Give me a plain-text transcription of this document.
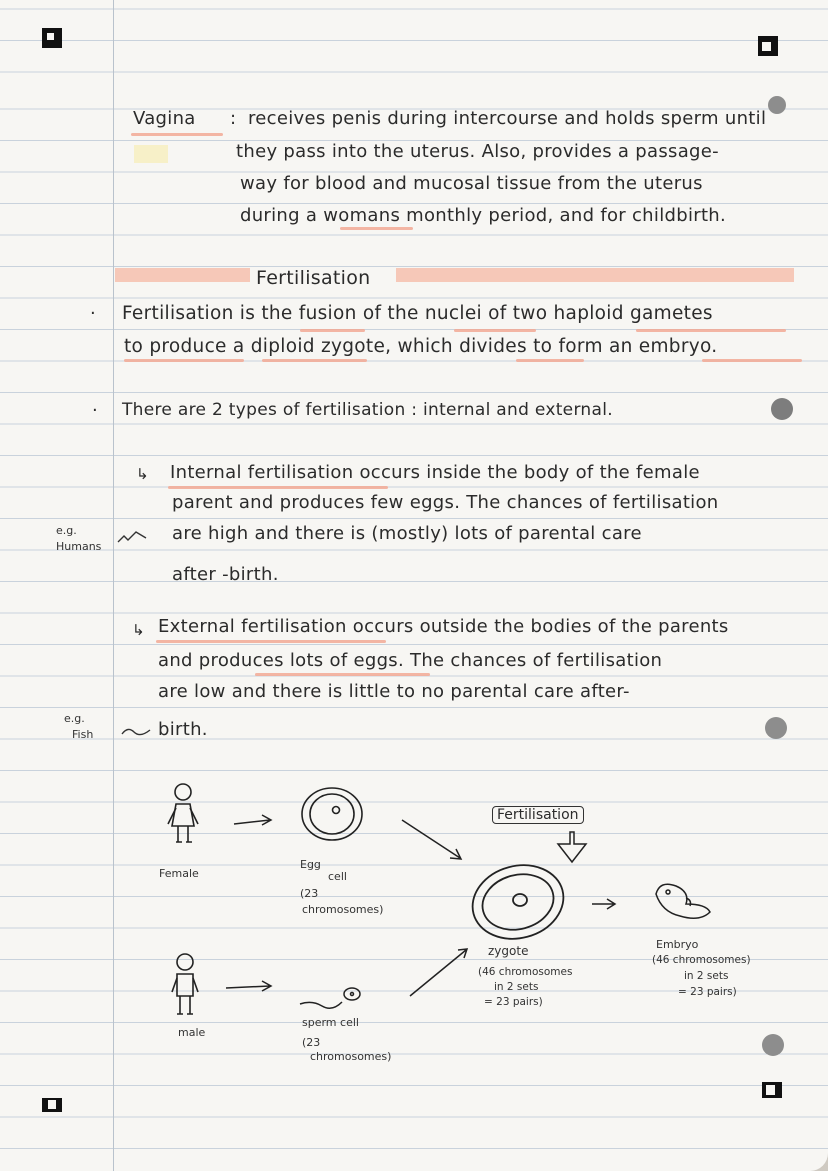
Vagina : receives penis during intercourse and holds sperm until
they pass into the uterus. Also, provides a passage-
way for blood and mucosal tissue from the uterus
during a womans monthly period, and for childbirth.
Fertilisation
· Fertilisation is the fusion of the nuclei of two haploid gametes
to produce a diploid zygote, which divides to form an embryo.
· There are 2 types of fertilisation : internal and external.
↳ Internal fertilisation occurs inside the body of the female
parent and produces few eggs. The chances of fertilisation
are high and there is (mostly) lots of parental care
after -birth.
e.g.
Humans
↳ External fertilisation occurs outside the bodies of the parents
and produces lots of eggs. The chances of fertilisation
are low and there is little to no parental care after-
birth.
e.g.
Fish
Female
male
Egg
cell
(23
chromosomes)
sperm cell
(23
chromosomes)
Fertilisation
zygote
(46 chromosomes
in 2 sets
= 23 pairs)
Embryo
(46 chromosomes)
in 2 sets
= 23 pairs)
